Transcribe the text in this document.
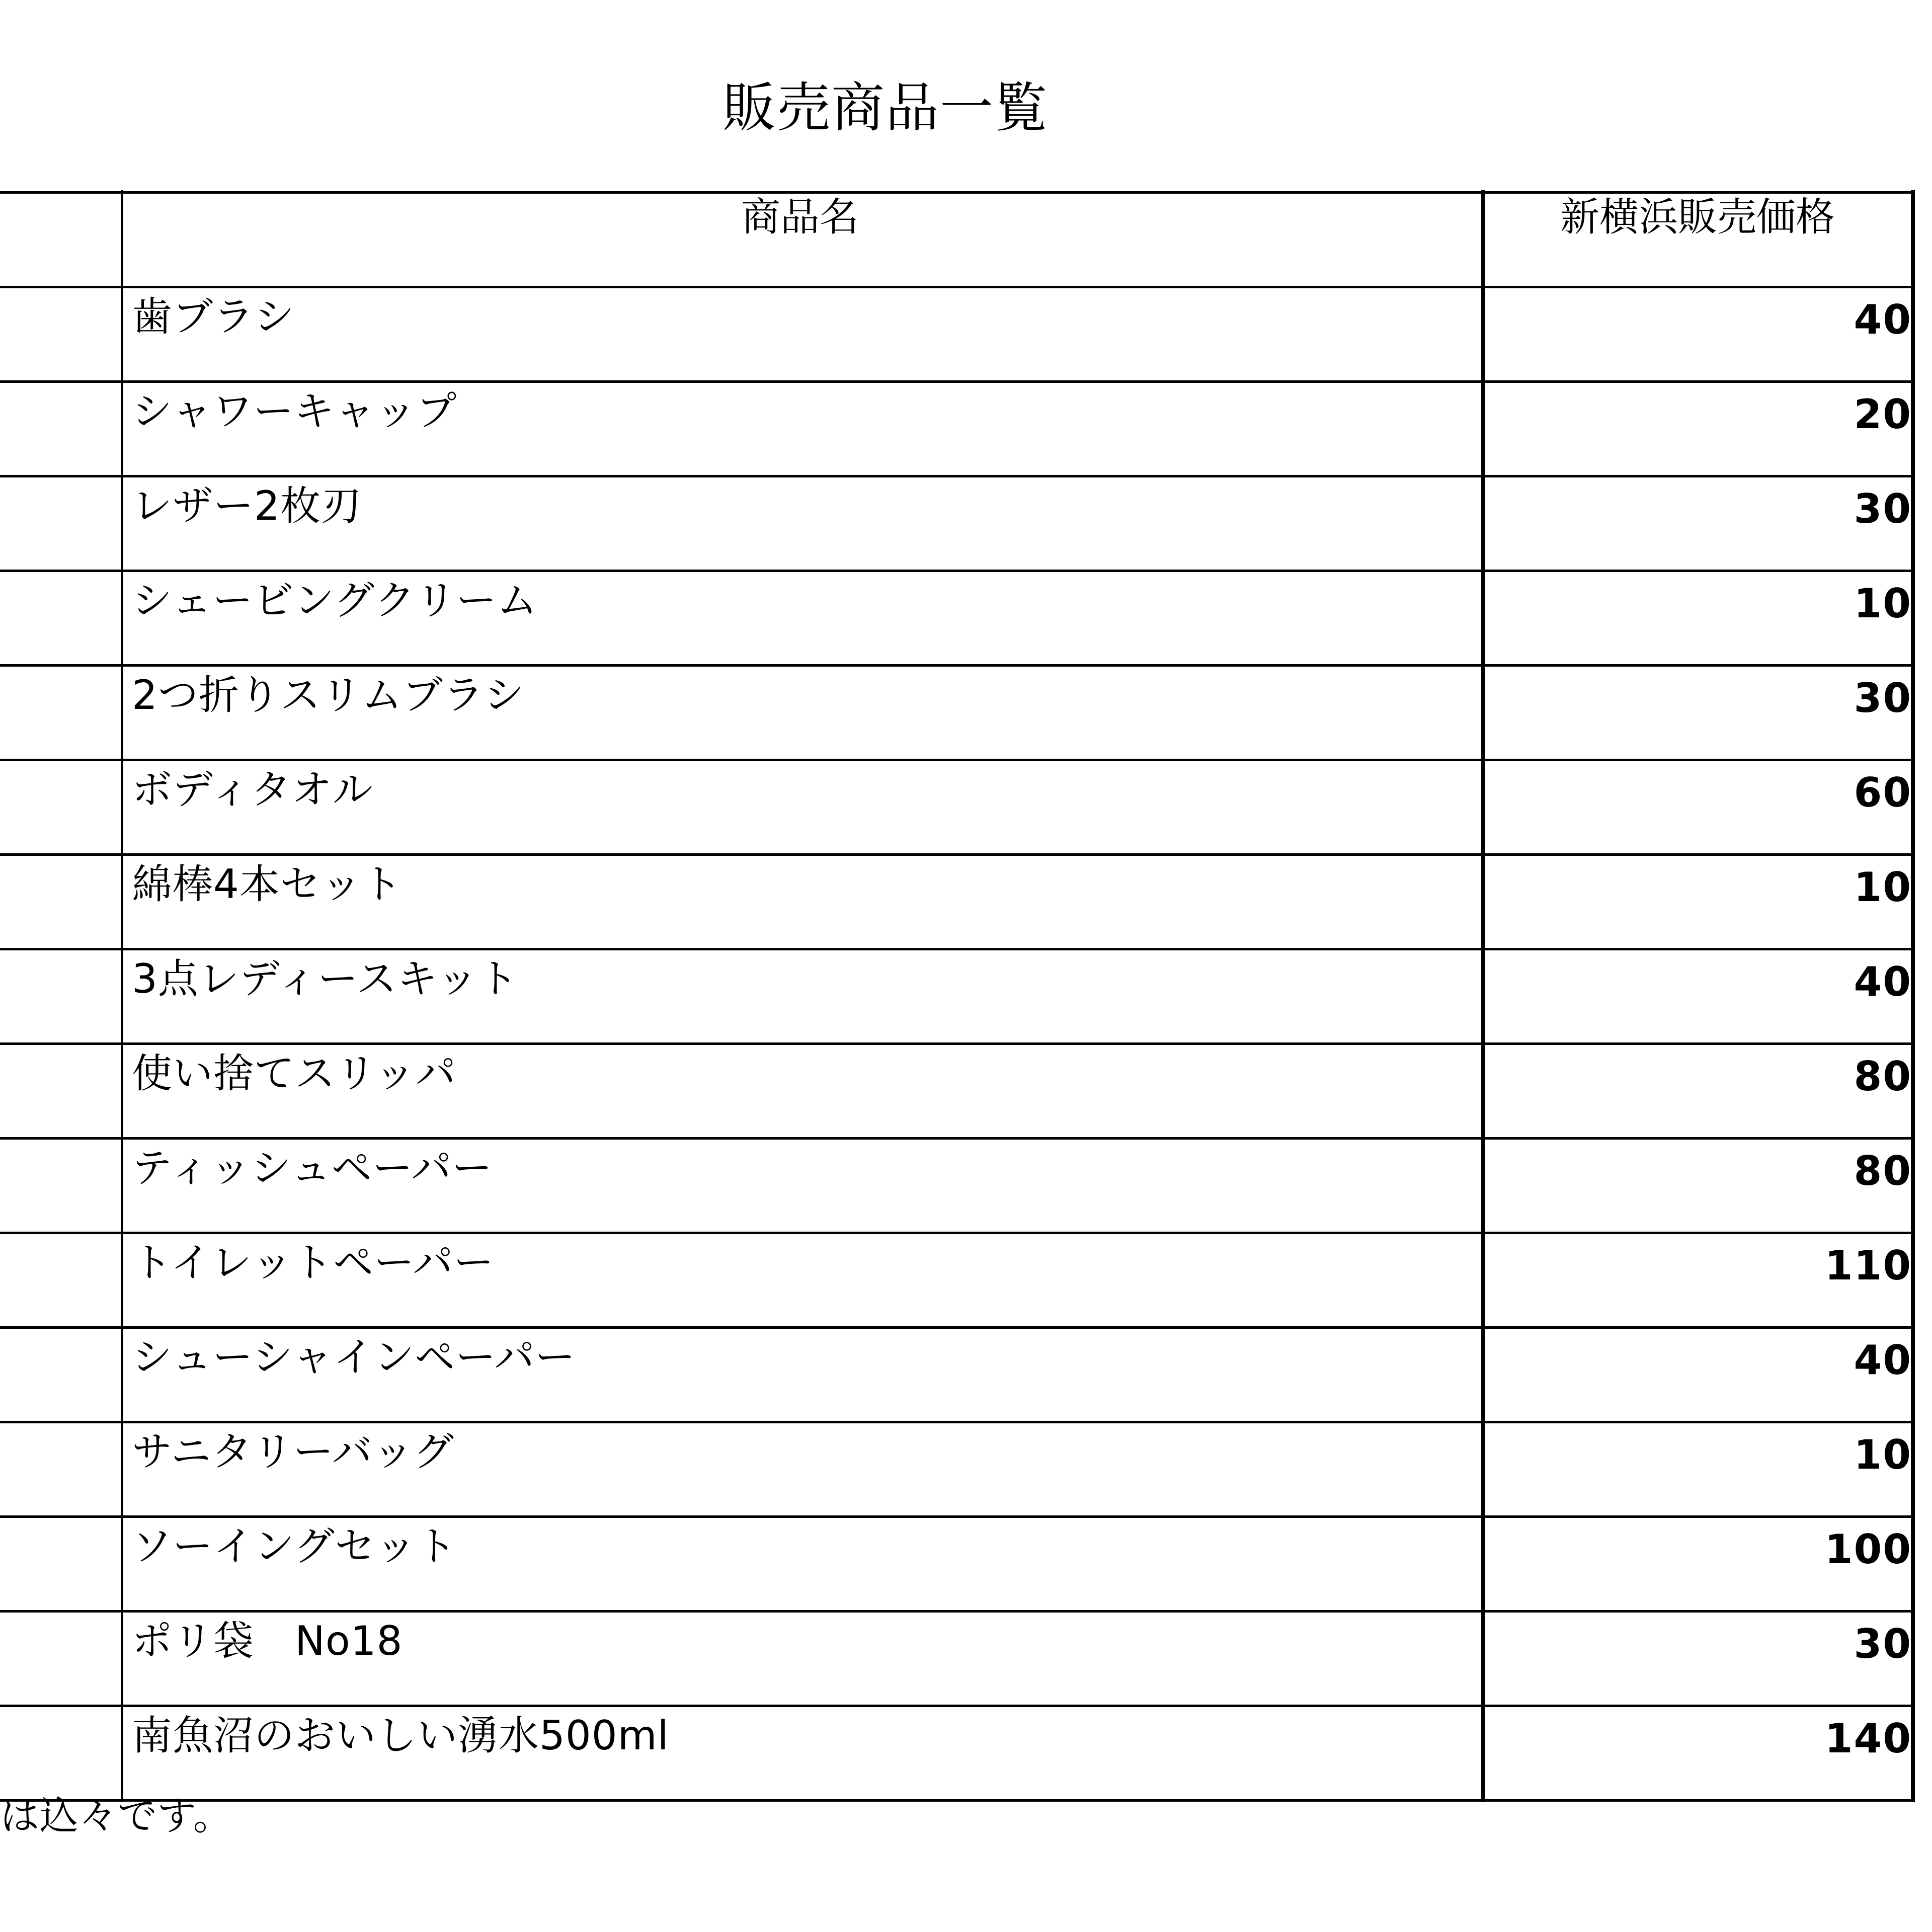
販売商品一覧
商品名	新横浜販売価格
歯ブラシ	40
シャワーキャップ	20
レザー2枚刃	30
シェービングクリーム	10
2つ折りスリムブラシ	30
ボディタオル	60
綿棒4本セット	10
3点レディースキット	40
使い捨てスリッパ	80
ティッシュペーパー	80
トイレットペーパー	110
シューシャインペーパー	40
サニタリーバッグ	10
ソーイングセット	100
ポリ袋　No18	30
南魚沼のおいしい湧水500ml	140
は込々です。
